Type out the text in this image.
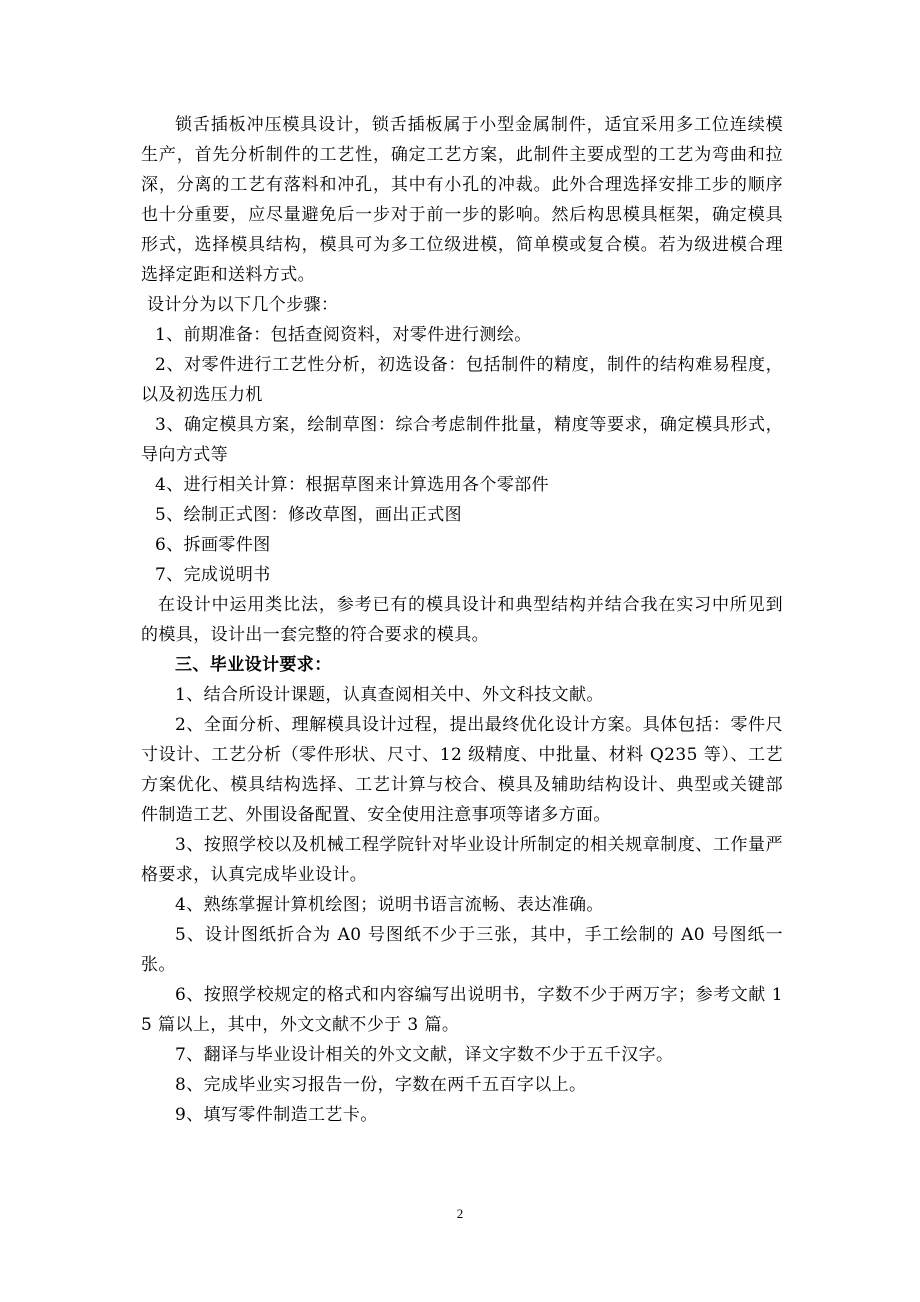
锁舌插板冲压模具设计，锁舌插板属于小型金属制件，适宜采用多工位连续模生产，首先分析制件的工艺性，确定工艺方案，此制件主要成型的工艺为弯曲和拉深，分离的工艺有落料和冲孔，其中有小孔的冲裁。此外合理选择安排工步的顺序也十分重要，应尽量避免后一步对于前一步的影响。然后构思模具框架，确定模具形式，选择模具结构，模具可为多工位级进模，简单模或复合模。若为级进模合理选择定距和送料方式。

设计分为以下几个步骤：

1、前期准备：包括查阅资料，对零件进行测绘。

2、对零件进行工艺性分析，初选设备：包括制件的精度，制件的结构难易程度，以及初选压力机

3、确定模具方案，绘制草图：综合考虑制件批量，精度等要求，确定模具形式，导向方式等

4、进行相关计算：根据草图来计算选用各个零部件

5、绘制正式图：修改草图，画出正式图

6、拆画零件图

7、完成说明书

在设计中运用类比法，参考已有的模具设计和典型结构并结合我在实习中所见到的模具，设计出一套完整的符合要求的模具。

三、毕业设计要求：

1、结合所设计课题，认真查阅相关中、外文科技文献。

2、全面分析、理解模具设计过程，提出最终优化设计方案。具体包括：零件尺寸设计、工艺分析（零件形状、尺寸、12 级精度、中批量、材料 Q235 等）、工艺方案优化、模具结构选择、工艺计算与校合、模具及辅助结构设计、典型或关键部件制造工艺、外围设备配置、安全使用注意事项等诸多方面。

3、按照学校以及机械工程学院针对毕业设计所制定的相关规章制度、工作量严格要求，认真完成毕业设计。

4、熟练掌握计算机绘图；说明书语言流畅、表达准确。

5、设计图纸折合为 A0 号图纸不少于三张，其中，手工绘制的 A0 号图纸一张。

6、按照学校规定的格式和内容编写出说明书，字数不少于两万字；参考文献 15 篇以上，其中，外文文献不少于 3 篇。

7、翻译与毕业设计相关的外文文献，译文字数不少于五千汉字。

8、完成毕业实习报告一份，字数在两千五百字以上。

9、填写零件制造工艺卡。

2
